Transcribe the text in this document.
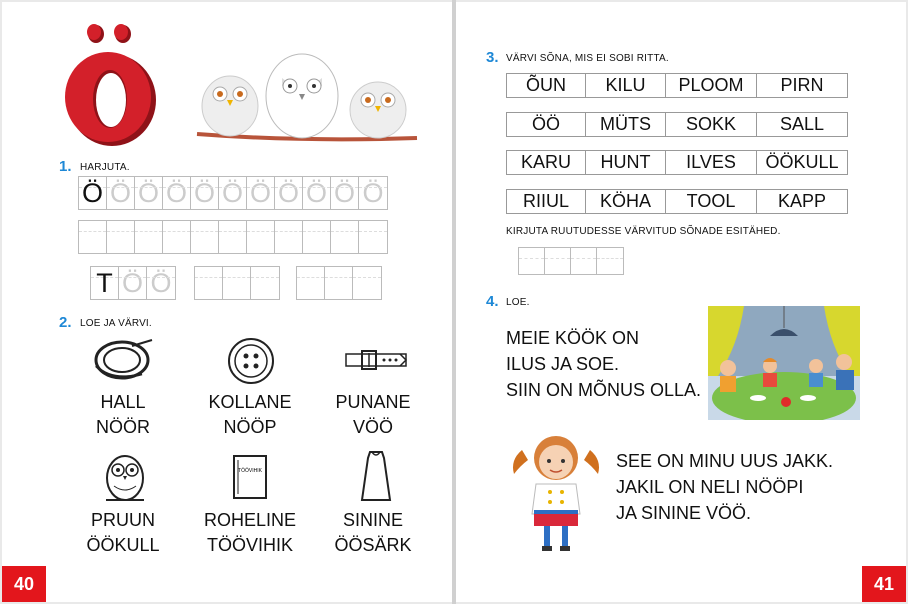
1. HARJUTA.
Ö Ö Ö Ö Ö Ö Ö Ö Ö Ö Ö
T Ö Ö
2. LOE JA VÄRVI.
HALL
NÖÖR
KOLLANE
NÖÖP
PUNANE
VÖÖ
TÖÖVIHIK
PRUUN
ÖÖKULL
ROHELINE
TÖÖVIHIK
SININE
ÖÖSÄRK
40
3. VÄRVI SÕNA, MIS EI SOBI RITTA.
ÕUN	KILU	PLOOM	PIRN
ÖÖ	MÜTS	SOKK	SALL
KARU	HUNT	ILVES	ÖÖKULL
RIIUL	KÖHA	TOOL	KAPP
KIRJUTA RUUTUDESSE VÄRVITUD SÕNADE ESITÄHED.
4. LOE.
MEIE KÖÖK ON
ILUS JA SOE.
SIIN ON MÕNUS OLLA.
SEE ON MINU UUS JAKK.
JAKIL ON NELI NÖÖPI
JA SININE VÖÖ.
41
